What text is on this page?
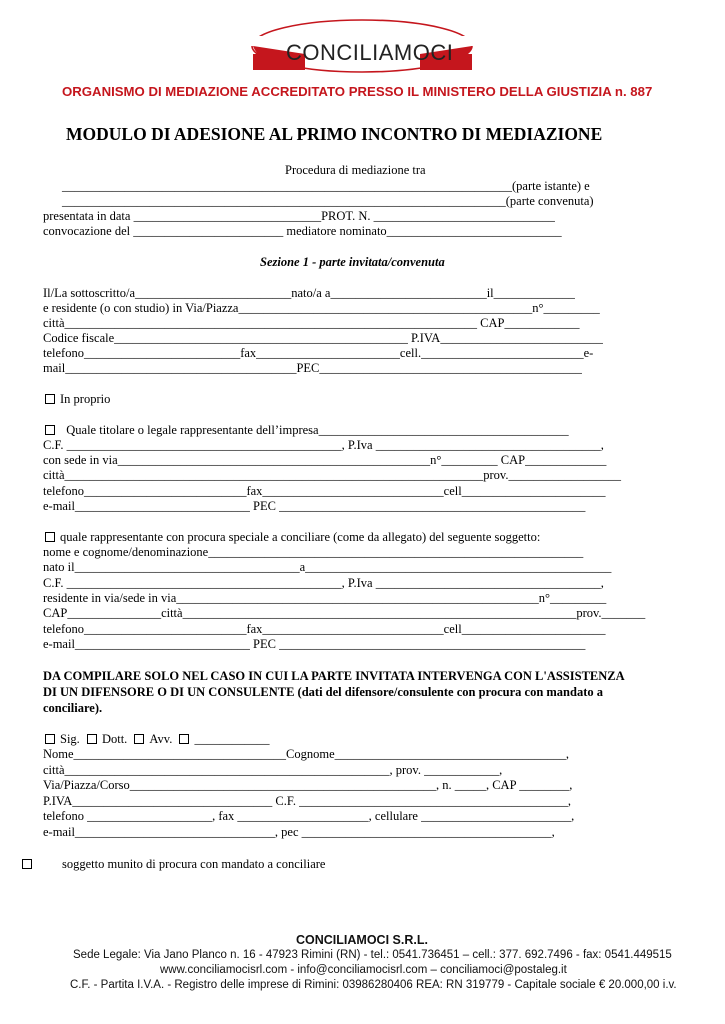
CONCILIAMOCI
ORGANISMO DI MEDIAZIONE ACCREDITATO PRESSO IL MINISTERO DELLA GIUSTIZIA n. 887
MODULO DI ADESIONE AL PRIMO INCONTRO DI MEDIAZIONE
Procedura di mediazione tra
________________________________________________________________________(parte istante) e
_______________________________________________________________________(parte convenuta)
presentata in data ______________________________PROT. N. _____________________________
convocazione del ________________________ mediatore nominato____________________________
Sezione 1 - parte invitata/convenuta
Il/La sottoscritto/a_________________________nato/a a_________________________il_____________
e residente (o con studio) in Via/Piazza_______________________________________________n°_________
città__________________________________________________________________ CAP____________
Codice fiscale_______________________________________________ P.IVA__________________________
telefono_________________________fax_______________________cell.__________________________e-
mail_____________________________________PEC__________________________________________
In proprio
Quale titolare o legale rappresentante dell’impresa________________________________________
C.F. ____________________________________________, P.Iva ____________________________________,
con sede in via__________________________________________________n°_________ CAP_____________
città___________________________________________________________________prov.__________________
telefono__________________________fax_____________________________cell_______________________
e-mail____________________________ PEC _________________________________________________
quale rappresentante con procura speciale a conciliare (come da allegato) del seguente soggetto:
nome e cognome/denominazione____________________________________________________________
nato il____________________________________a_________________________________________________
C.F. ____________________________________________, P.Iva ____________________________________,
residente in via/sede in via__________________________________________________________n°_________
CAP_______________città_______________________________________________________________prov._______
telefono__________________________fax_____________________________cell_______________________
e-mail____________________________ PEC _________________________________________________
DA COMPILARE SOLO NEL CASO IN CUI LA PARTE INVITATA INTERVENGA CON L'ASSISTENZA
DI UN DIFENSORE O DI UN CONSULENTE (dati del difensore/consulente con procura con mandato a
conciliare).
Sig. Dott. Avv. ____________
Nome__________________________________Cognome_____________________________________,
città____________________________________________________, prov. ____________,
Via/Piazza/Corso_________________________________________________, n. _____, CAP ________,
P.IVA________________________________ C.F. ___________________________________________,
telefono ____________________, fax _____________________, cellulare ________________________,
e-mail________________________________, pec ________________________________________,
soggetto munito di procura con mandato a conciliare
CONCILIAMOCI S.R.L.
Sede Legale: Via Jano Planco n. 16 - 47923 Rimini (RN) - tel.: 0541.736451 – cell.: 377. 692.7496 - fax: 0541.449515
www.conciliamocisrl.com - info@conciliamocisrl.com – conciliamoci@postaleg.it
C.F. - Partita I.V.A. - Registro delle imprese di Rimini: 03986280406 REA: RN 319779 - Capitale sociale € 20.000,00 i.v.
